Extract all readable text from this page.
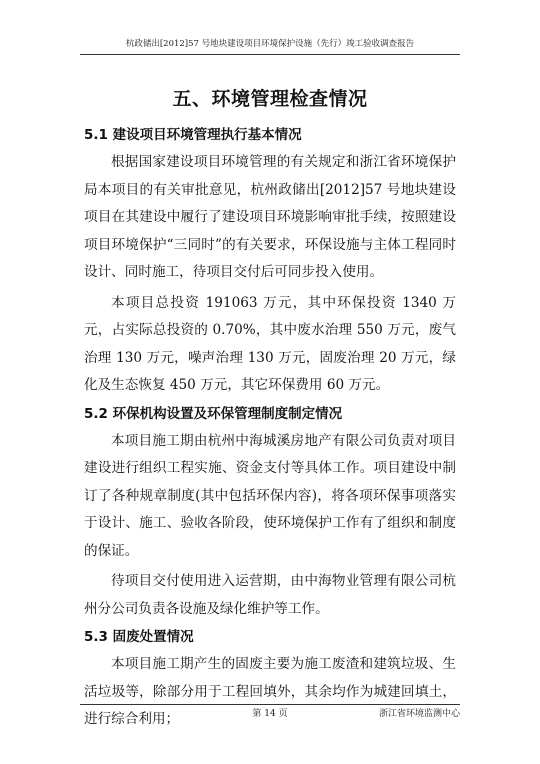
杭政储出[2012]57 号地块建设项目环境保护设施（先行）竣工验收调查报告
五、环境管理检查情况
5.1 建设项目环境管理执行基本情况

根据国家建设项目环境管理的有关规定和浙江省环境保护局本项目的有关审批意见，杭州政储出[2012]57 号地块建设项目在其建设中履行了建设项目环境影响审批手续，按照建设项目环境保护“三同时”的有关要求，环保设施与主体工程同时设计、同时施工，待项目交付后可同步投入使用。

本项目总投资 191063 万元，其中环保投资 1340 万元，占实际总投资的 0.70%，其中废水治理 550 万元，废气治理 130 万元，噪声治理 130 万元，固废治理 20 万元，绿化及生态恢复 450 万元，其它环保费用 60 万元。

5.2 环保机构设置及环保管理制度制定情况

本项目施工期由杭州中海城溪房地产有限公司负责对项目建设进行组织工程实施、资金支付等具体工作。项目建设中制订了各种规章制度(其中包括环保内容)，将各项环保事项落实于设计、施工、验收各阶段，使环境保护工作有了组织和制度的保证。

待项目交付使用进入运营期，由中海物业管理有限公司杭州分公司负责各设施及绿化维护等工作。

5.3 固废处置情况

本项目施工期产生的固废主要为施工废渣和建筑垃圾、生活垃圾等，除部分用于工程回填外，其余均作为城建回填土，进行综合利用；	第 14 页	浙江省环境监测中心
